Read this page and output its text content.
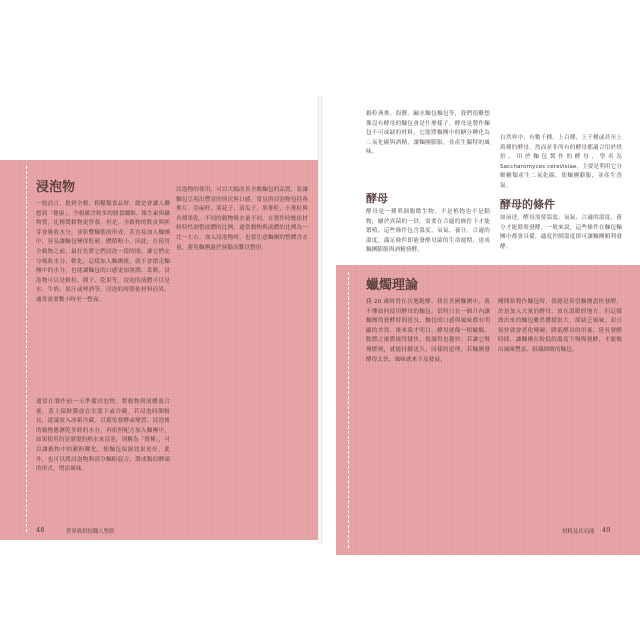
浸泡物

一般而言，提到全穀、粗糧類食品時，總是會讓人聯想到「健康」。全穀蘊含較多的膳食纖維、維生素與礦物質，比精製穀物更營養。但是，全穀物的麩皮與胚芽會吸收水分，並影響麵筋的形成，若直接加入麵團中，容易讓麵包變得乾硬、體積較小。因此，在使用全穀物之前，最好先將它們浸泡一段時間，讓它們充分吸收水分、軟化，這樣加入麵團後，就不會搶走麵團中的水分，也能讓麵包的口感更加濕潤、柔軟。浸泡物可以是穀粒、種子、乾果等，浸泡的液體可以是水、牛奶、果汁或啤酒等。浸泡的時間依材料而異，通常需要數小時至一整夜。

通常在製作前一天準備浸泡物，將穀物與液體混合後，蓋上保鮮膜放在室溫下或冷藏。若浸泡時間較長，建議放入冰箱冷藏，以避免發酵或變質。浸泡後的穀物應瀝乾多餘的水分，再依照配方加入麵團中。如果使用的是滾燙的熱水來浸泡，則稱為「燙種」，可以讓穀物中的澱粉糊化，使麵包保濕效果更好。此外，也可以將浸泡物與部分麵粉混合，製成類似酵頭的形式，增添風味。

浸泡物的使用，可以大幅改善全穀麵包的品質，並讓麵包呈現出豐富的層次與口感。常見的浸泡物包括燕麥片、亞麻籽、葵花子、南瓜子、黑麥粒、小麥粒與各種果乾。不同的穀物吸水量不同，在製作時應依材料特性調整液體的比例，通常穀物與液體的比例為一比一左右。加入浸泡物時，也要注意麵團的整體含水量，避免麵團過於濕黏而難以整形。

穀粒燕麥、海鹽、鹼水麵包麵包等，我們很難想像沒有酵母的麵包會是什麼樣子。酵母是製作麵包不可或缺的材料，它能將麵團中的糖分轉化為二氧化碳與酒精，讓麵團膨脹，並產生獨特的風味。

酵母

酵母是一種單細胞微生物，不是植物也不是動物，屬於真菌的一員。需要在合適的條件下才能繁殖，這些條件包含溫度、氧氣、養分、合適的溫度。滿足條件即能發酵母菌的生命週期，達成麵團膨脹與酒精發酵。

自然界中，有數千種、上百種、上千種或甚至上萬種的酵母，然而並非所有的酵母都適合用於烘焙。用於麵包製作的酵母，學名為 Saccharomyces cerevisiae，主要是利用它分解糖類產生二氧化碳，使麵團膨脹，並產生香氣。

酵母的條件

如前述，酵母需要溫度、氧氣、合適的溫度、養分才能繁殖發酵，一般來說，這些條件在麵包麵團中都會具備，適度控制溫度即可讓麵團順利發酵。

蠟燭理論

我 20 歲時曾在次地跑酵、我在美國麵團中，我不懂如何使用酵母的麵包。當時只在一個月內讓麵團的發酵時間延長，麵包的口感與風味都有明顯的差異。後來我才明白，酵母就像一根蠟燭，點燃之後燃燒得越快，熄滅得也越快；若讓它慢慢燃燒，就能持續更久。同樣的道理，若麵團發酵得太快，風味就來不及發展。

剛開始製作麵包時，我總是希望麵團盡快發酵，於是加入大量的酵母、放在溫暖的地方。但這樣做出來的麵包雖然體積很大，卻缺乏風味，而且很快就會老化變硬。降低酵母的用量、延長發酵時間，讓麵團在較低的溫度下慢慢發酵，才能做出風味豐富、組織細緻的麵包。

48	世界級烘焙職人聖經	材料及其功能 49
